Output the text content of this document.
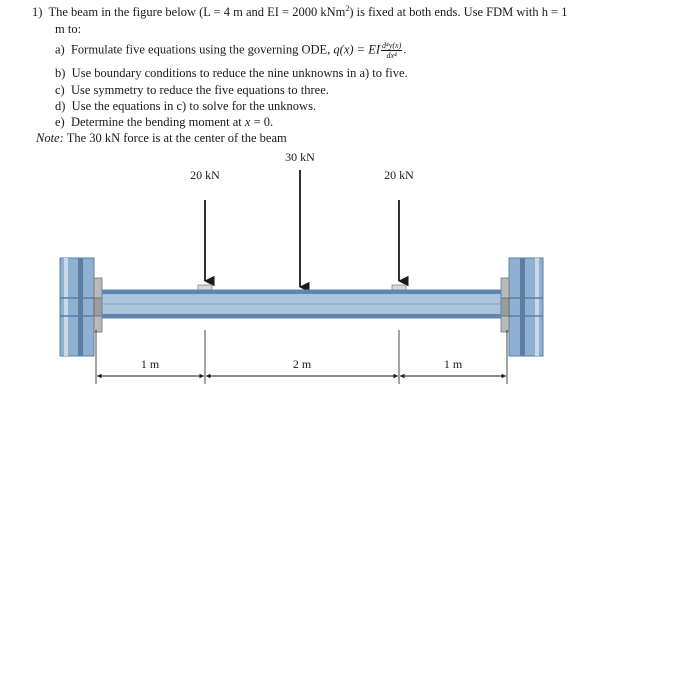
1) The beam in the figure below (L = 4 m and EI = 2000 kNm$^2$) is fixed at both ends. Use FDM with h = 1
m to:
a) Formulate five equations using the governing ODE, q(x) = EI $\frac{\text{d⁴y(x)}}{\text{dx⁴}}$ .
b) Use boundary conditions to reduce the nine unknowns in a) to five.
c) Use symmetry to reduce the five equations to three.
d) Use the equations in c) to solve for the unknows.
e) Determine the bending moment at x = 0.
Note: The 30 kN force is at the center of the beam
20 kN
30 kN
20 kN
1 m	2 m	1 m
